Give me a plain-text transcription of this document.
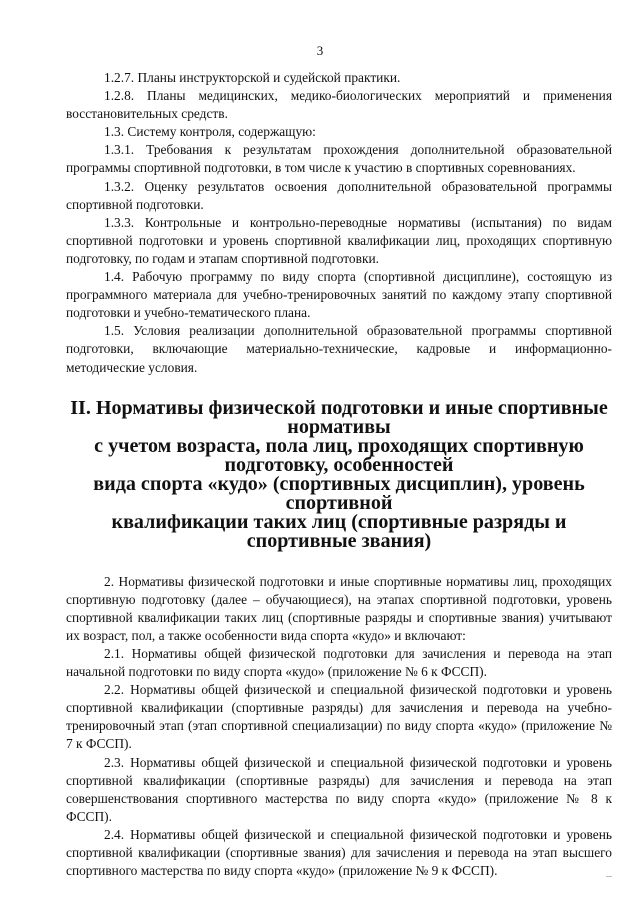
3

1.2.7. Планы инструкторской и судейской практики.

1.2.8. Планы медицинских, медико-биологических мероприятий и применения восстановительных средств.

1.3. Систему контроля, содержащую:

1.3.1. Требования к результатам прохождения дополнительной образовательной программы спортивной подготовки, в том числе к участию в спортивных соревнованиях.

1.3.2. Оценку результатов освоения дополнительной образовательной программы спортивной подготовки.

1.3.3. Контрольные и контрольно-переводные нормативы (испытания) по видам спортивной подготовки и уровень спортивной квалификации лиц, проходящих спортивную подготовку, по годам и этапам спортивной подготовки.

1.4. Рабочую программу по виду спорта (спортивной дисциплине), состоящую из программного материала для учебно-тренировочных занятий по каждому этапу спортивной подготовки и учебно-тематического плана.

1.5. Условия реализации дополнительной образовательной программы спортивной подготовки, включающие материально-технические, кадровые и информационно-методические условия.

II. Нормативы физической подготовки и иные спортивные нормативы
с учетом возраста, пола лиц, проходящих спортивную подготовку, особенностей
вида спорта «кудо» (спортивных дисциплин), уровень спортивной
квалификации таких лиц (спортивные разряды и спортивные звания)

2. Нормативы физической подготовки и иные спортивные нормативы лиц, проходящих спортивную подготовку (далее – обучающиеся), на этапах спортивной подготовки, уровень спортивной квалификации таких лиц (спортивные разряды и спортивные звания) учитывают их возраст, пол, а также особенности вида спорта «кудо» и включают:

2.1. Нормативы общей физической подготовки для зачисления и перевода на этап начальной подготовки по виду спорта «кудо» (приложение № 6 к ФССП).

2.2. Нормативы общей физической и специальной физической подготовки и уровень спортивной квалификации (спортивные разряды) для зачисления и перевода на учебно-тренировочный этап (этап спортивной специализации) по виду спорта «кудо» (приложение № 7 к ФССП).

2.3. Нормативы общей физической и специальной физической подготовки и уровень спортивной квалификации (спортивные разряды) для зачисления и перевода на этап совершенствования спортивного мастерства по виду спорта «кудо» (приложение № 8 к ФССП).

2.4. Нормативы общей физической и специальной физической подготовки и уровень спортивной квалификации (спортивные звания) для зачисления и перевода на этап высшего спортивного мастерства по виду спорта «кудо» (приложение № 9 к ФССП).
